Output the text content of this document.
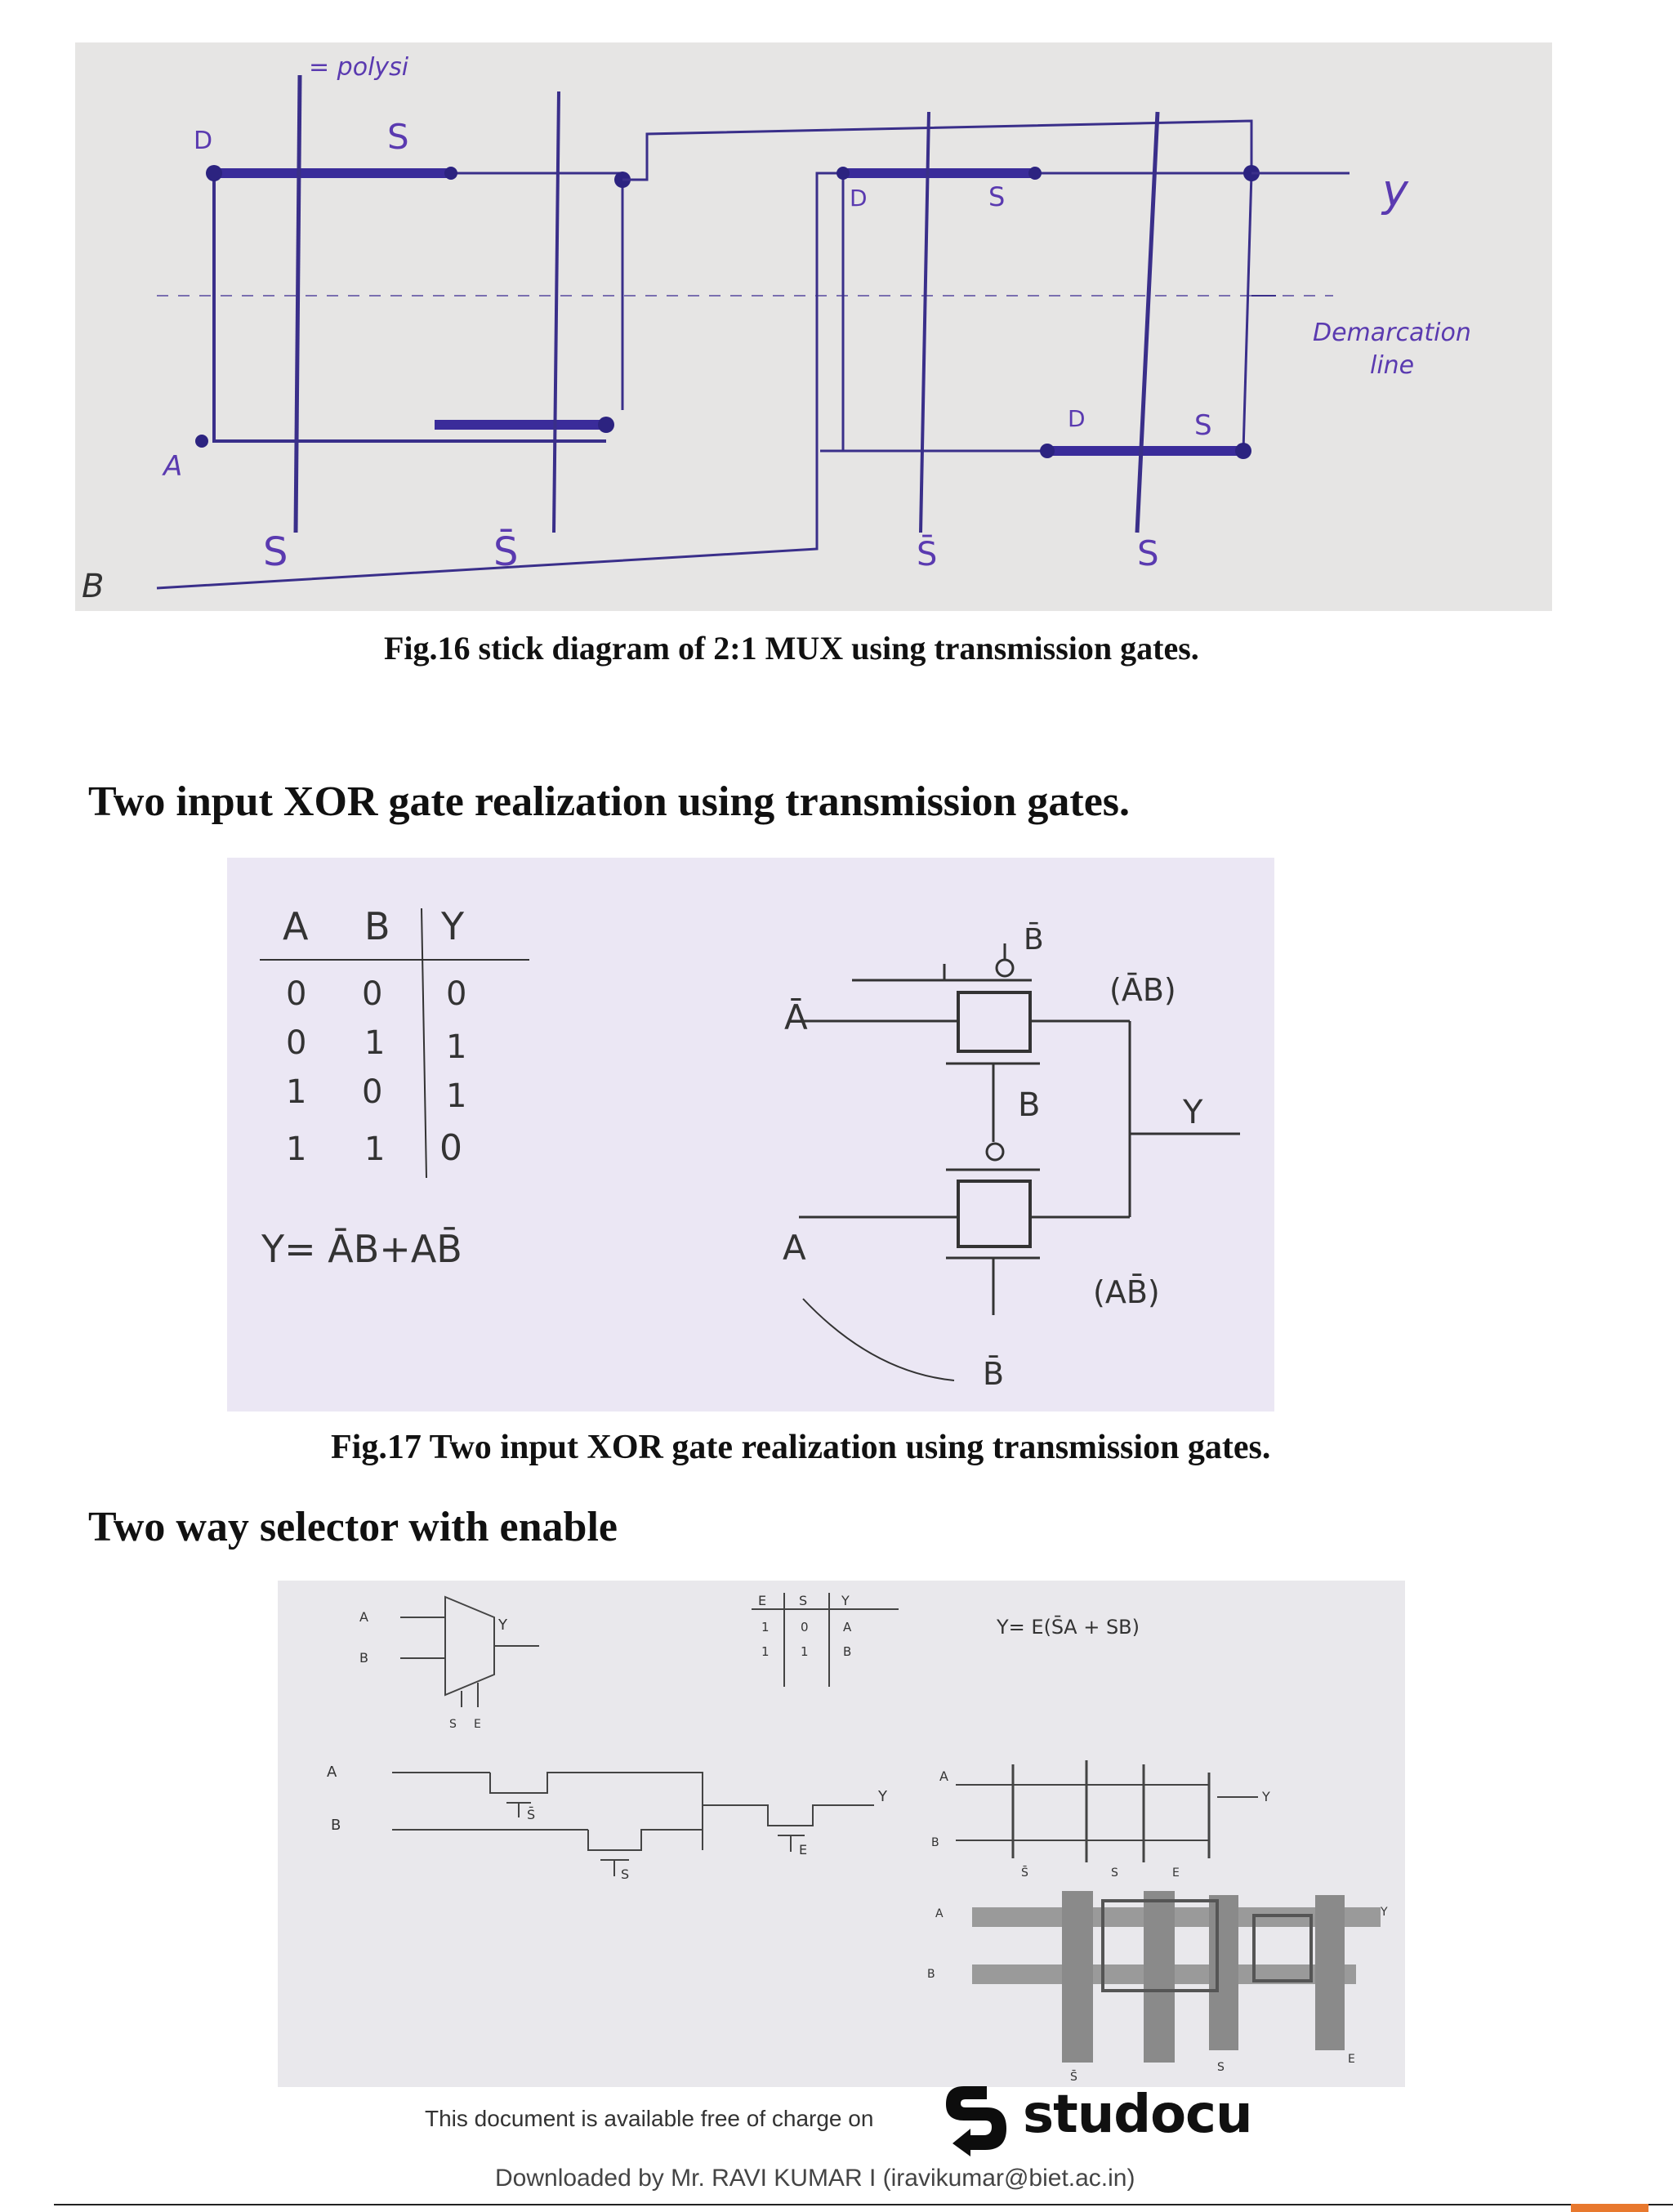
= polysi
D	S
D	S
D	S
A
S	S̄	S̄	S
y
Demarcation
line
B
Fig.16 stick diagram of 2:1 MUX using transmission gates.
Two input XOR gate realization using transmission gates.
A B Y
0 0 0
0 1 1
1 0 1
1 1 0
Y= ĀB+AB̄
Ā
A
B̄
B
B̄
Y
(ĀB)
(AB̄)
Fig.17 Two input XOR gate realization using transmission gates.
Two way selector with enable
A
B
Y
S E
E S	Y
1	0	A
1	1	B
Y= E(S̄A + SB)
A
B
S̄
S
E
Y
A
B
S̄	S	E
Y
A
B
S̄
S
E
Y
This document is available free of charge on	studocu
Downloaded by Mr. RAVI KUMAR I (iravikumar@biet.ac.in)
